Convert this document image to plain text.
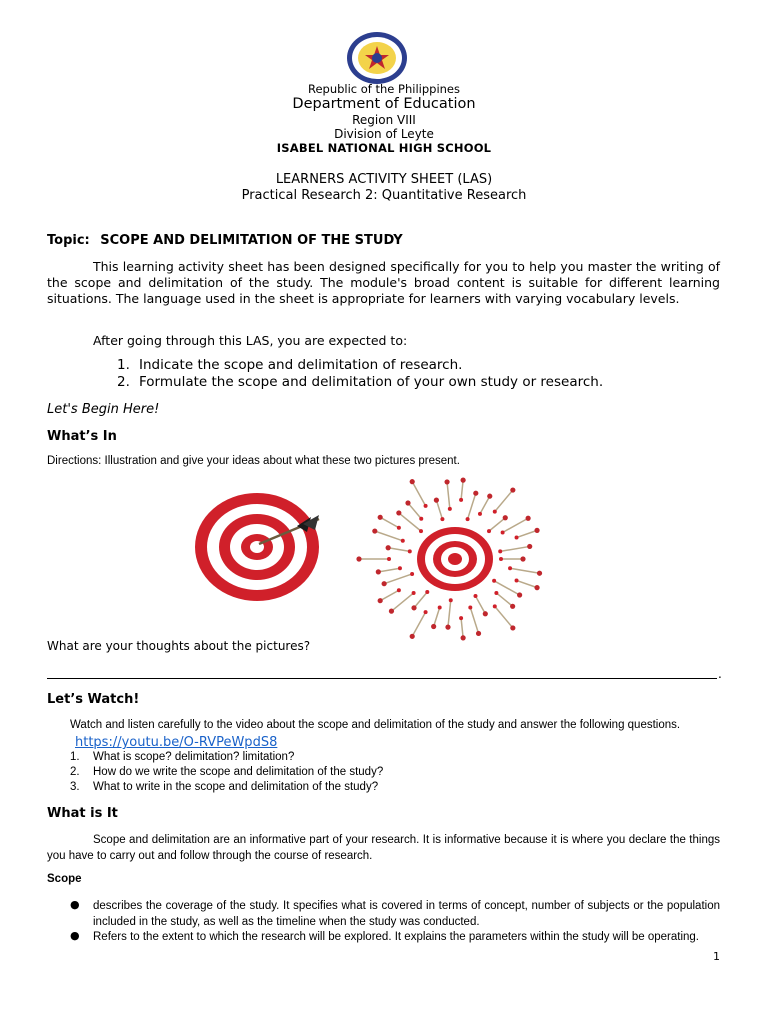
Republic of the Philippines
Department of Education
Region VIII
Division of Leyte
ISABEL NATIONAL HIGH SCHOOL
LEARNERS ACTIVITY SHEET (LAS)
Practical Research 2: Quantitative Research
Topic: SCOPE AND DELIMITATION OF THE STUDY

This learning activity sheet has been designed specifically for you to help you master the writing of the scope and delimitation of the study. The module's broad content is suitable for different learning situations. The language used in the sheet is appropriate for learners with varying vocabulary levels.

After going through this LAS, you are expected to:
1. Indicate the scope and delimitation of research.
2. Formulate the scope and delimitation of your own study or research.
Let's Begin Here!
What’s In
Directions: Illustration and give your ideas about what these two pictures present.
What are your thoughts about the pictures?
.
Let’s Watch!
Watch and listen carefully to the video about the scope and delimitation of the study and answer the following questions.
https://youtu.be/O-RVPeWpdS8
1. What is scope? delimitation? limitation?
2. How do we write the scope and delimitation of the study?
3. What to write in the scope and delimitation of the study?
What is It

Scope and delimitation are an informative part of your research. It is informative because it is where you declare the things you have to carry out and follow through the course of research.

Scope
● describes the coverage of the study. It specifies what is covered in terms of concept, number of subjects or the population included in the study, as well as the timeline when the study was conducted.

● Refers to the extent to which the research will be explored. It explains the parameters within the study will be operating.

1
